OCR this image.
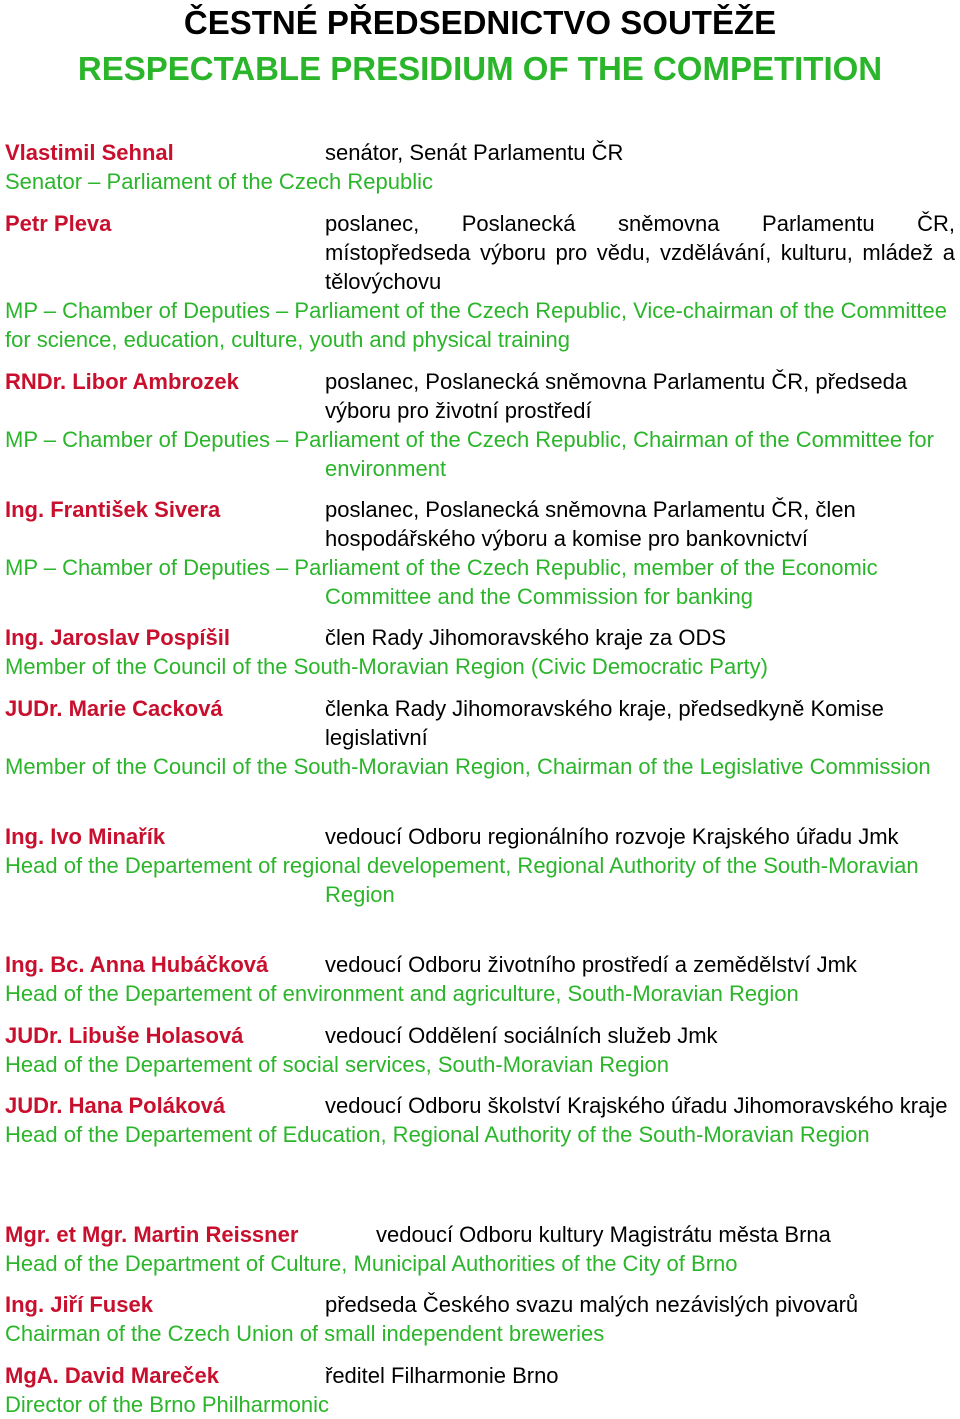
ČESTNÉ PŘEDSEDNICTVO SOUTĚŽE
RESPECTABLE PRESIDIUM OF THE COMPETITION
Vlastimil Sehnal	senátor, Senát Parlamentu ČR
Senator – Parliament of the Czech Republic
Petr Pleva	poslanec, Poslanecká sněmovna Parlamentu ČR, místopředseda výboru pro vědu, vzdělávání, kulturu, mládež a tělovýchovu
MP – Chamber of Deputies – Parliament of the Czech Republic, Vice-chairman of the Committee for science, education, culture, youth and physical training
RNDr. Libor Ambrozek	poslanec, Poslanecká sněmovna Parlamentu ČR, předseda výboru pro životní prostředí
MP – Chamber of Deputies – Parliament of the Czech Republic, Chairman of the Committee for environment
Ing. František Sivera	poslanec, Poslanecká sněmovna Parlamentu ČR, člen hospodářského výboru a komise pro bankovnictví
MP – Chamber of Deputies – Parliament of the Czech Republic, member of the Economic Committee and the Commission for banking
Ing. Jaroslav Pospíšil	člen Rady Jihomoravského kraje za ODS
Member of the Council of the South-Moravian Region (Civic Democratic Party)
JUDr. Marie Cacková	členka Rady Jihomoravského kraje, předsedkyně Komise legislativní
Member of the Council of the South-Moravian Region, Chairman of the Legislative Commission
Ing. Ivo Minařík	vedoucí Odboru regionálního rozvoje Krajského úřadu Jmk
Head of the Departement of regional developement, Regional Authority of the South-Moravian Region
Ing. Bc. Anna Hubáčková	vedoucí Odboru životního prostředí a zemědělství Jmk
Head of the Departement of environment and agriculture, South-Moravian Region
JUDr. Libuše Holasová	vedoucí Oddělení sociálních služeb Jmk
Head of the Departement of social services, South-Moravian Region
JUDr. Hana Poláková	vedoucí Odboru školství Krajského úřadu Jihomoravského kraje
Head of the Departement of Education, Regional Authority of the South-Moravian Region
Mgr. et Mgr. Martin Reissner	vedoucí Odboru kultury Magistrátu města Brna
Head of the Department of Culture, Municipal Authorities of the City of Brno
Ing. Jiří Fusek	předseda Českého svazu malých nezávislých pivovarů
Chairman of the Czech Union of small independent breweries
MgA. David Mareček	ředitel Filharmonie Brno
Director of the Brno Philharmonic
